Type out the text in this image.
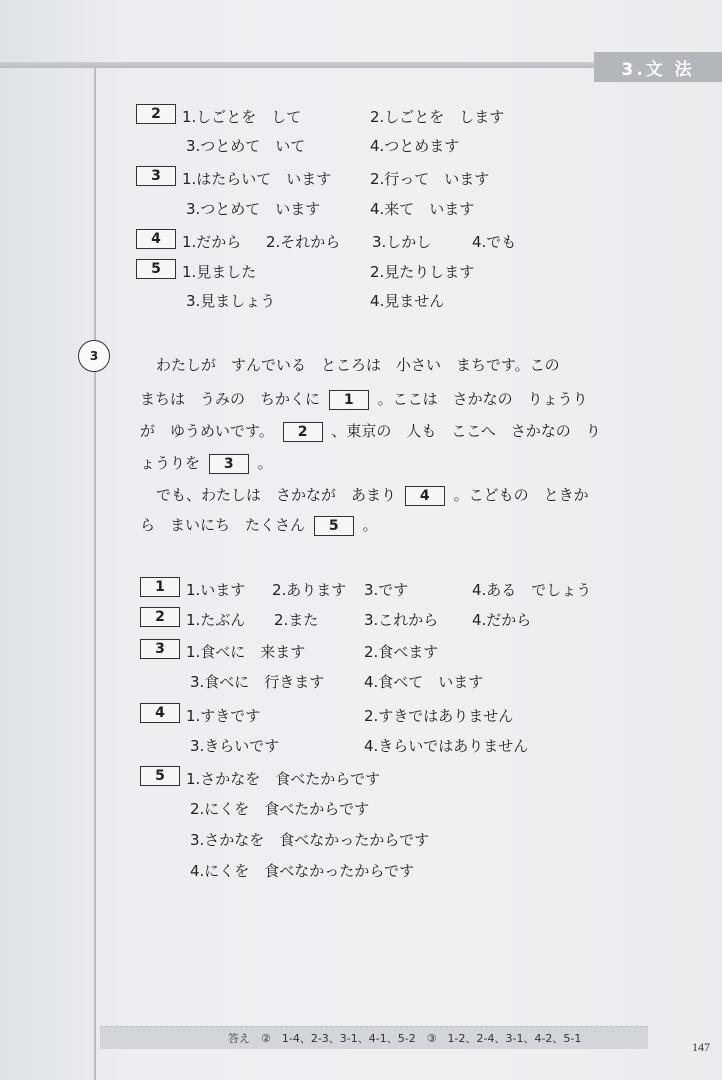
3.文 法
2	1.しごとを　して	2.しごとを　します
3.つとめて　いて	4.つとめます
3	1.はたらいて　います	2.行って　います
3.つとめて　います	4.来て　います
4	1.だから 2.それから 3.しかし	4.でも
5	1.見ました	2.見たりします
3.見ましょう	4.見ません
3	わたしが　すんでいる　ところは　小さい　まちです。この
まちは　うみの　ちかくに 1 。ここは　さかなの　りょうり
が　ゆうめいです。 2 、東京の　人も　ここへ　さかなの　り
ょうりを 3 。
でも、わたしは　さかなが　あまり 4 。こどもの　ときか
ら　まいにち　たくさん 5 。
1	1.います 2.あります 3.です	4.ある　でしょう
2	1.たぶん 2.また	3.これから 4.だから
3	1.食べに　来ます	2.食べます
3.食べに　行きます	4.食べて　います
4	1.すきです	2.すきではありません
3.きらいです	4.きらいではありません
5	1.さかなを　食べたからです
2.にくを　食べたからです
3.さかなを　食べなかったからです
4.にくを　食べなかったからです
答え　②　1-4、2-3、3-1、4-1、5-2　③　1-2、2-4、3-1、4-2、5-1
147
